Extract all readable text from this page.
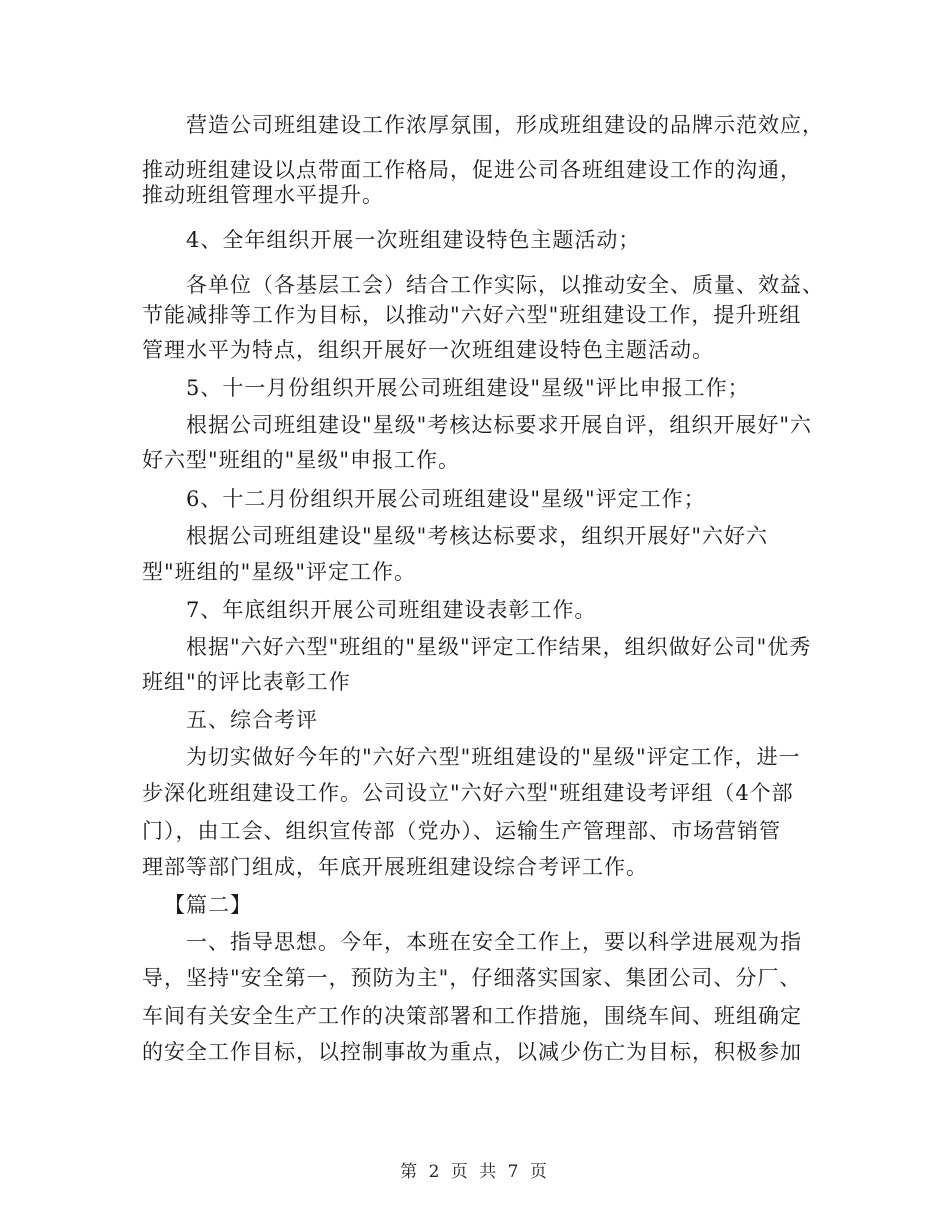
营造公司班组建设工作浓厚氛围，形成班组建设的品牌示范效应，
推动班组建设以点带面工作格局，促进公司各班组建设工作的沟通，
推动班组管理水平提升。
4、全年组织开展一次班组建设特色主题活动；
各单位（各基层工会）结合工作实际，以推动安全、质量、效益、
节能减排等工作为目标，以推动"六好六型"班组建设工作，提升班组
管理水平为特点，组织开展好一次班组建设特色主题活动。
5、十一月份组织开展公司班组建设"星级"评比申报工作；
根据公司班组建设"星级"考核达标要求开展自评，组织开展好"六
好六型"班组的"星级"申报工作。
6、十二月份组织开展公司班组建设"星级"评定工作；
根据公司班组建设"星级"考核达标要求，组织开展好"六好六
型"班组的"星级"评定工作。
7、年底组织开展公司班组建设表彰工作。
根据"六好六型"班组的"星级"评定工作结果，组织做好公司"优秀
班组"的评比表彰工作
五、综合考评
为切实做好今年的"六好六型"班组建设的"星级"评定工作，进一
步深化班组建设工作。公司设立"六好六型"班组建设考评组（4个部
门），由工会、组织宣传部（党办）、运输生产管理部、市场营销管
理部等部门组成，年底开展班组建设综合考评工作。
【篇二】
一、指导思想。今年，本班在安全工作上，要以科学进展观为指
导，坚持"安全第一，预防为主"，仔细落实国家、集团公司、分厂、
车间有关安全生产工作的决策部署和工作措施，围绕车间、班组确定
的安全工作目标，以控制事故为重点，以减少伤亡为目标，积极参加
第 2 页 共 7 页
